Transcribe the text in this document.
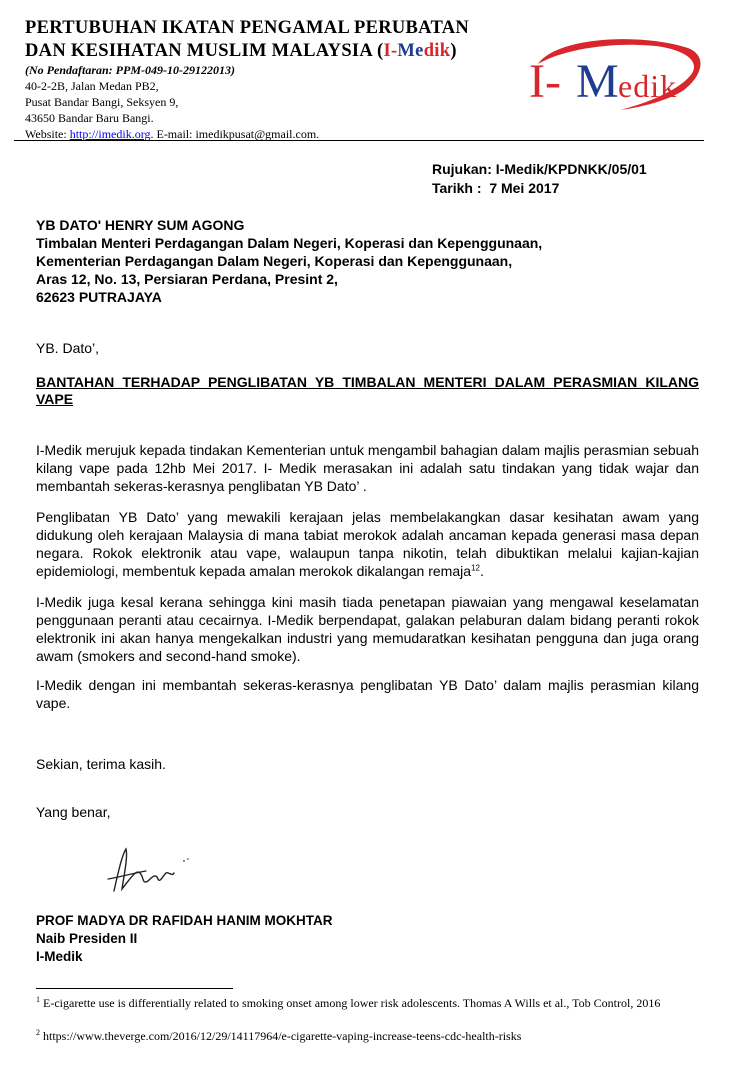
PERTUBUHAN IKATAN PENGAMAL PERUBATAN
DAN KESIHATAN MUSLIM MALAYSIA (I-Medik)
(No Pendaftaran: PPM-049-10-29122013)
40-2-2B, Jalan Medan PB2,
Pusat Bandar Bangi, Seksyen 9,
43650 Bandar Baru Bangi.
Website: http://imedik.org. E-mail: imedikpusat@gmail.com.
I- M edik
Rujukan: I-Medik/KPDNKK/05/01
Tarikh : 7 Mei 2017
YB DATO' HENRY SUM AGONG
Timbalan Menteri Perdagangan Dalam Negeri, Koperasi dan Kepenggunaan,
Kementerian Perdagangan Dalam Negeri, Koperasi dan Kepenggunaan,
Aras 12, No. 13, Persiaran Perdana, Presint 2,
62623 PUTRAJAYA
YB. Dato’,
BANTAHAN TERHADAP PENGLIBATAN YB TIMBALAN MENTERI DALAM PERASMIAN KILANG VAPE
I-Medik merujuk kepada tindakan Kementerian untuk mengambil bahagian dalam majlis perasmian sebuah kilang vape pada 12hb Mei 2017. I- Medik merasakan ini adalah satu tindakan yang tidak wajar dan membantah sekeras-kerasnya penglibatan YB Dato’ .
Penglibatan YB Dato’ yang mewakili kerajaan jelas membelakangkan dasar kesihatan awam yang didukung oleh kerajaan Malaysia di mana tabiat merokok adalah ancaman kepada generasi masa depan negara. Rokok elektronik atau vape, walaupun tanpa nikotin, telah dibuktikan melalui kajian-kajian epidemiologi, membentuk kepada amalan merokok dikalangan remaja$^{12}$.
I-Medik juga kesal kerana sehingga kini masih tiada penetapan piawaian yang mengawal keselamatan penggunaan peranti atau cecairnya. I-Medik berpendapat, galakan pelaburan dalam bidang peranti rokok elektronik ini akan hanya mengekalkan industri yang memudaratkan kesihatan pengguna dan juga orang awam (smokers and second-hand smoke).
I-Medik dengan ini membantah sekeras-kerasnya penglibatan YB Dato’ dalam majlis perasmian kilang vape.
Sekian, terima kasih.
Yang benar,
PROF MADYA DR RAFIDAH HANIM MOKHTAR
Naib Presiden II
I-Medik
$^1$ E-cigarette use is differentially related to smoking onset among lower risk adolescents. Thomas A Wills et al., Tob Control, 2016
$^2$ https://www.theverge.com/2016/12/29/14117964/e-cigarette-vaping-increase-teens-cdc-health-risks
